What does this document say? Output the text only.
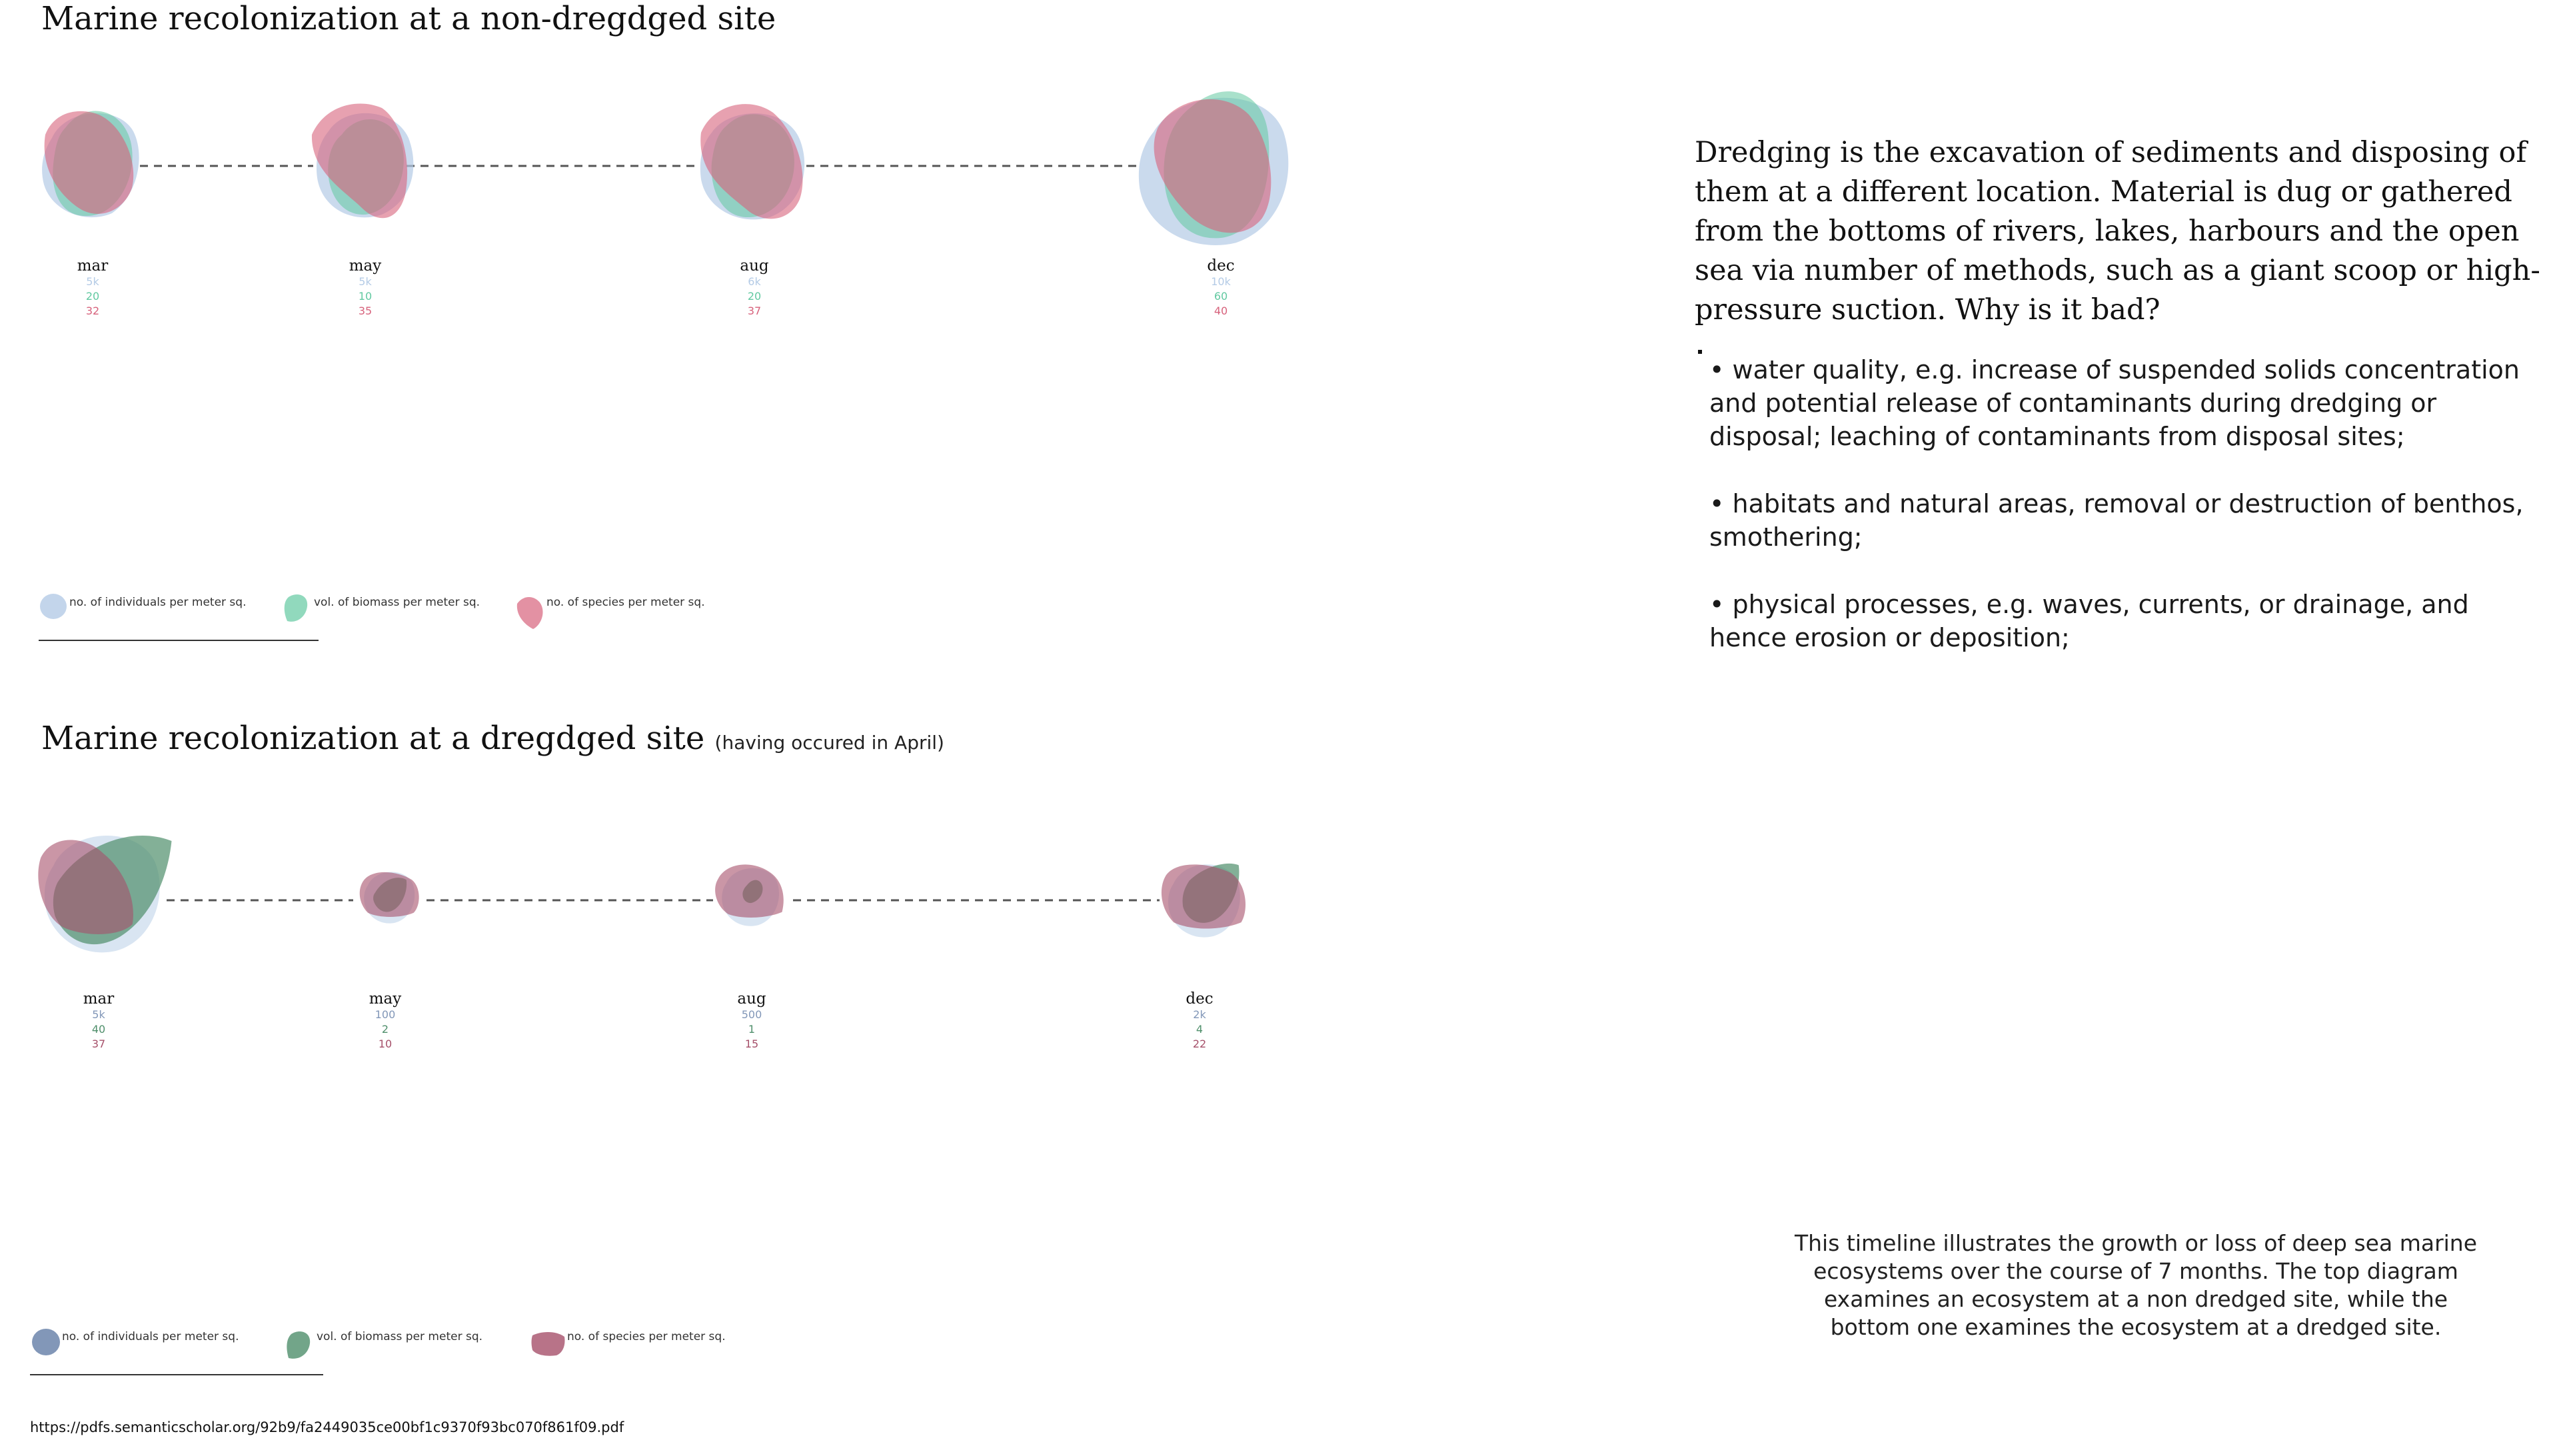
Marine recolonization at a non-dregdged site
mar
5k
20
32
may
5k
10
35
aug
6k
20
37
dec
10k
60
40
no. of individuals per meter sq.	vol. of biomass per meter sq.	no. of species per meter sq.
Marine recolonization at a dregdged site (having occured in April)
mar
5k
40
37
may
100
2
10
aug
500
1
15
dec
2k
4
22
no. of individuals per meter sq.	vol. of biomass per meter sq.	no. of species per meter sq.

Dredging is the excavation of sediments and disposing of them at a different location. Material is dug or gathered from the bottoms of rivers, lakes, harbours and the open sea via number of methods, such as a giant scoop or high-pressure suction. Why is it bad?

• water quality, e.g. increase of suspended solids concentration and potential release of contaminants during dredging or disposal; leaching of contaminants from disposal sites;
• habitats and natural areas, removal or destruction of benthos, smothering;
• physical processes, e.g. waves, currents, or drainage, and hence erosion or deposition;

This timeline illustrates the growth or loss of deep sea marine ecosystems over the course of 7 months. The top diagram examines an ecosystem at a non dredged site, while the bottom one examines the ecosystem at a dredged site.

https://pdfs.semanticscholar.org/92b9/fa2449035ce00bf1c9370f93bc070f861f09.pdf
